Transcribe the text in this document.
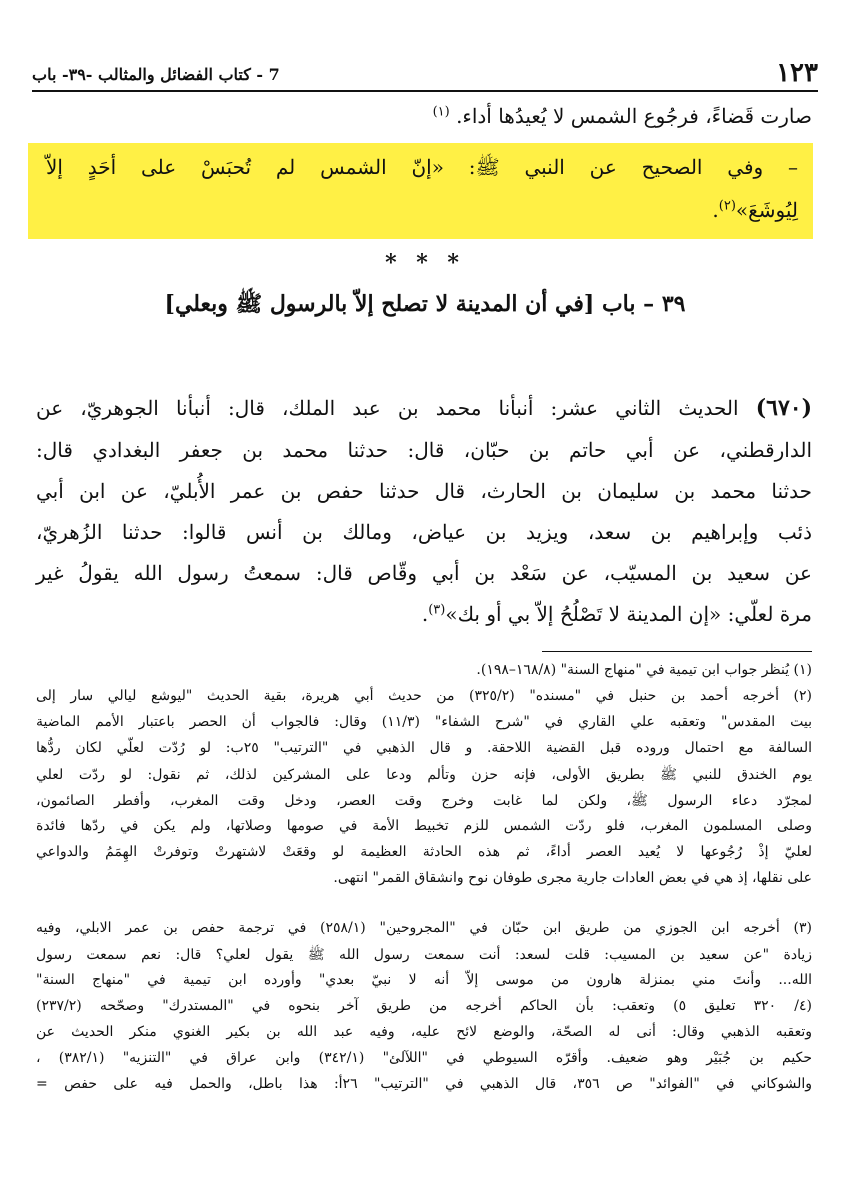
١٢٣
7 - كتاب الفضائل والمثالب -٣٩- باب
صارت قَضاءً، فرجُوع الشمس لا يُعيدُها أداء. $^{(١)}$
– وفي الصحيح عن النبي ﷺ: «إنّ الشمس لم تُحبَسْ على أحَدٍ إلاّ
لِيُوشَعَ»$^{(٢)}$.
* * *
٣٩ – باب [في أن المدينة لا تصلح إلاّ بالرسول ﷺ وبعلي]
(٦٧٠) الحديث الثاني عشر: أنبأنا محمد بن عبد الملك، قال: أنبأنا الجوهريّ، عن
الدارقطني، عن أبي حاتم بن حبّان، قال: حدثنا محمد بن جعفر البغدادي قال:
حدثنا محمد بن سليمان بن الحارث، قال حدثنا حفص بن عمر الأُبليّ، عن ابن أبي
ذئب وإبراهيم بن سعد، ويزيد بن عياض، ومالك بن أنس قالوا: حدثنا الزُهريّ،
عن سعيد بن المسيّب، عن سَعْد بن أبي وقّاص قال: سمعتُ رسول الله يقولُ غير
مرة لعلّي: «إن المدينة لا تَصْلُحُ إلاّ بي أو بك»$^{(٣)}$.
(١) يُنظر جواب ابن تيمية في "منهاج السنة" (١٦٨/٨–١٩٨).
(٢) أخرجه أحمد بن حنبل في "مسنده" (٣٢٥/٢) من حديث أبي هريرة، بقية الحديث "ليوشع ليالي سار إلى
بيت المقدس" وتعقبه علي القاري في "شرح الشفاء" (١١/٣) وقال: فالجواب أن الحصر باعتبار الأمم الماضية
السالفة مع احتمال وروده قبل القضية اللاحقة. و قال الذهبي في "الترتيب" ٢٥ب: لو رُدّت لعلّي لكان ردُّها
يوم الخندق للنبي ﷺ بطريق الأولى، فإنه حزن وتألم ودعا على المشركين لذلك، ثم نقول: لو ردّت لعلي
لمجرّد دعاء الرسول ﷺ، ولكن لما غابت وخرج وقت العصر، ودخل وقت المغرب، وأفطر الصائمون،
وصلى المسلمون المغرب، فلو ردّت الشمس للزم تخبيط الأمة في صومها وصلاتها، ولم يكن في ردّها فائدة
لعليّ إذْ رُجُوعها لا يُعيد العصر أداءً، ثم هذه الحادثة العظيمة لو وقعَتْ لاشتهرتْ وتوفرتْ الهِمَمُ والدواعي
على نقلها، إذ هي في بعض العادات جارية مجرى طوفان نوح وانشقاق القمر" انتهى.
(٣) أخرجه ابن الجوزي من طريق ابن حبّان في "المجروحين" (٢٥٨/١) في ترجمة حفص بن عمر الابلي، وفيه
زيادة "عن سعيد بن المسيب: قلت لسعد: أنت سمعت رسول الله ﷺ يقول لعلي؟ قال: نعم سمعت رسول
الله... وأنتَ مني بمنزلة هارون من موسى إلاّ أنه لا نبيّ بعدي" وأورده ابن تيمية في "منهاج السنة"
(٤/ ٣٢٠ تعليق ٥) وتعقب: بأن الحاكم أخرجه من طريق آخر بنحوه في "المستدرك" وصحّحه (٢٣٧/٢)
وتعقبه الذهبي وقال: أنى له الصحّة، والوضع لائح عليه، وفيه عبد الله بن بكير الغنوي منكر الحديث عن
حكيم بن جُبَيْر وهو ضعيف. وأقرّه السيوطي في "اللآلئ" (٣٤٢/١) وابن عراق في "التنزيه" (٣٨٢/١) ،
والشوكاني في "الفوائد" ص ٣٥٦، قال الذهبي في "الترتيب" ٢٦أ: هذا باطل، والحمل فيه على حفص =
